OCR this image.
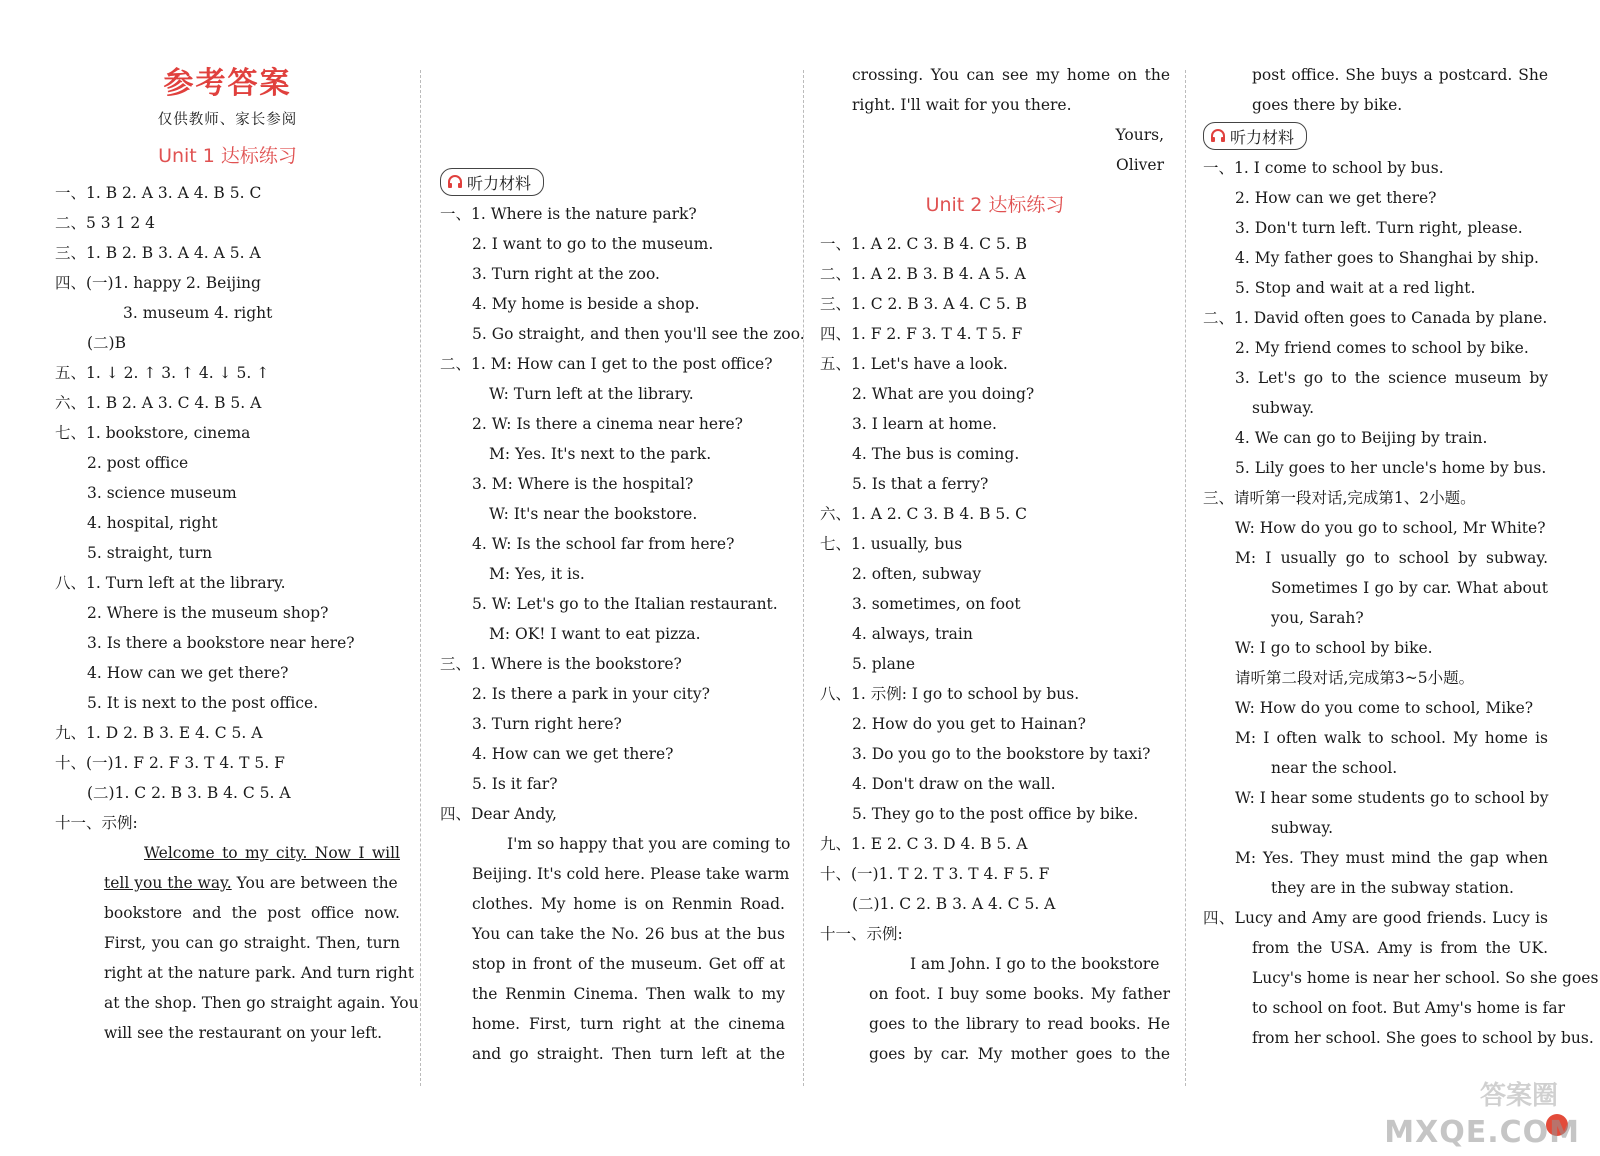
参考答案
仅供教师、家长参阅
Unit 1 达标练习
一、1. B 2. A 3. A 4. B 5. C
二、5 3 1 2 4
三、1. B 2. B 3. A 4. A 5. A
四、(一)1. happy 2. Beijing
3. museum 4. right
(二)B
五、1. ↓ 2. ↑ 3. ↑ 4. ↓ 5. ↑
六、1. B 2. A 3. C 4. B 5. A
七、1. bookstore, cinema
2. post office
3. science museum
4. hospital, right
5. straight, turn
八、1. Turn left at the library.
2. Where is the museum shop?
3. Is there a bookstore near here?
4. How can we get there?
5. It is next to the post office.
九、1. D 2. B 3. E 4. C 5. A
十、(一)1. F 2. F 3. T 4. T 5. F
(二)1. C 2. B 3. B 4. C 5. A
十一、示例:
Welcome to my city. Now I will
tell you the way. You are between the
bookstore and the post office now.
First, you can go straight. Then, turn
right at the nature park. And turn right
at the shop. Then go straight again. You
will see the restaurant on your left.
听力材料
一、1. Where is the nature park?
2. I want to go to the museum.
3. Turn right at the zoo.
4. My home is beside a shop.
5. Go straight, and then you'll see the zoo.
二、1. M: How can I get to the post office?
W: Turn left at the library.
2. W: Is there a cinema near here?
M: Yes. It's next to the park.
3. M: Where is the hospital?
W: It's near the bookstore.
4. W: Is the school far from here?
M: Yes, it is.
5. W: Let's go to the Italian restaurant.
M: OK! I want to eat pizza.
三、1. Where is the bookstore?
2. Is there a park in your city?
3. Turn right here?
4. How can we get there?
5. Is it far?
四、Dear Andy,
I'm so happy that you are coming to
Beijing. It's cold here. Please take warm
clothes. My home is on Renmin Road.
You can take the No. 26 bus at the bus
stop in front of the museum. Get off at
the Renmin Cinema. Then walk to my
home. First, turn right at the cinema
and go straight. Then turn left at the
crossing. You can see my home on the
right. I'll wait for you there.
Yours,
Oliver
Unit 2 达标练习
一、1. A 2. C 3. B 4. C 5. B
二、1. A 2. B 3. B 4. A 5. A
三、1. C 2. B 3. A 4. C 5. B
四、1. F 2. F 3. T 4. T 5. F
五、1. Let's have a look.
2. What are you doing?
3. I learn at home.
4. The bus is coming.
5. Is that a ferry?
六、1. A 2. C 3. B 4. B 5. C
七、1. usually, bus
2. often, subway
3. sometimes, on foot
4. always, train
5. plane
八、1. 示例: I go to school by bus.
2. How do you get to Hainan?
3. Do you go to the bookstore by taxi?
4. Don't draw on the wall.
5. They go to the post office by bike.
九、1. E 2. C 3. D 4. B 5. A
十、(一)1. T 2. T 3. T 4. F 5. F
(二)1. C 2. B 3. A 4. C 5. A
十一、示例:
I am John. I go to the bookstore
on foot. I buy some books. My father
goes to the library to read books. He
goes by car. My mother goes to the
post office. She buys a postcard. She
goes there by bike.
听力材料
一、1. I come to school by bus.
2. How can we get there?
3. Don't turn left. Turn right, please.
4. My father goes to Shanghai by ship.
5. Stop and wait at a red light.
二、1. David often goes to Canada by plane.
2. My friend comes to school by bike.
3. Let's go to the science museum by
subway.
4. We can go to Beijing by train.
5. Lily goes to her uncle's home by bus.
三、请听第一段对话,完成第1、2小题。
W: How do you go to school, Mr White?
M: I usually go to school by subway.
Sometimes I go by car. What about
you, Sarah?
W: I go to school by bike.
请听第二段对话,完成第3~5小题。
W: How do you come to school, Mike?
M: I often walk to school. My home is
near the school.
W: I hear some students go to school by
subway.
M: Yes. They must mind the gap when
they are in the subway station.
四、Lucy and Amy are good friends. Lucy is
from the USA. Amy is from the UK.
Lucy's home is near her school. So she goes
to school on foot. But Amy's home is far
from her school. She goes to school by bus.
答案圈
MXQE.COM
